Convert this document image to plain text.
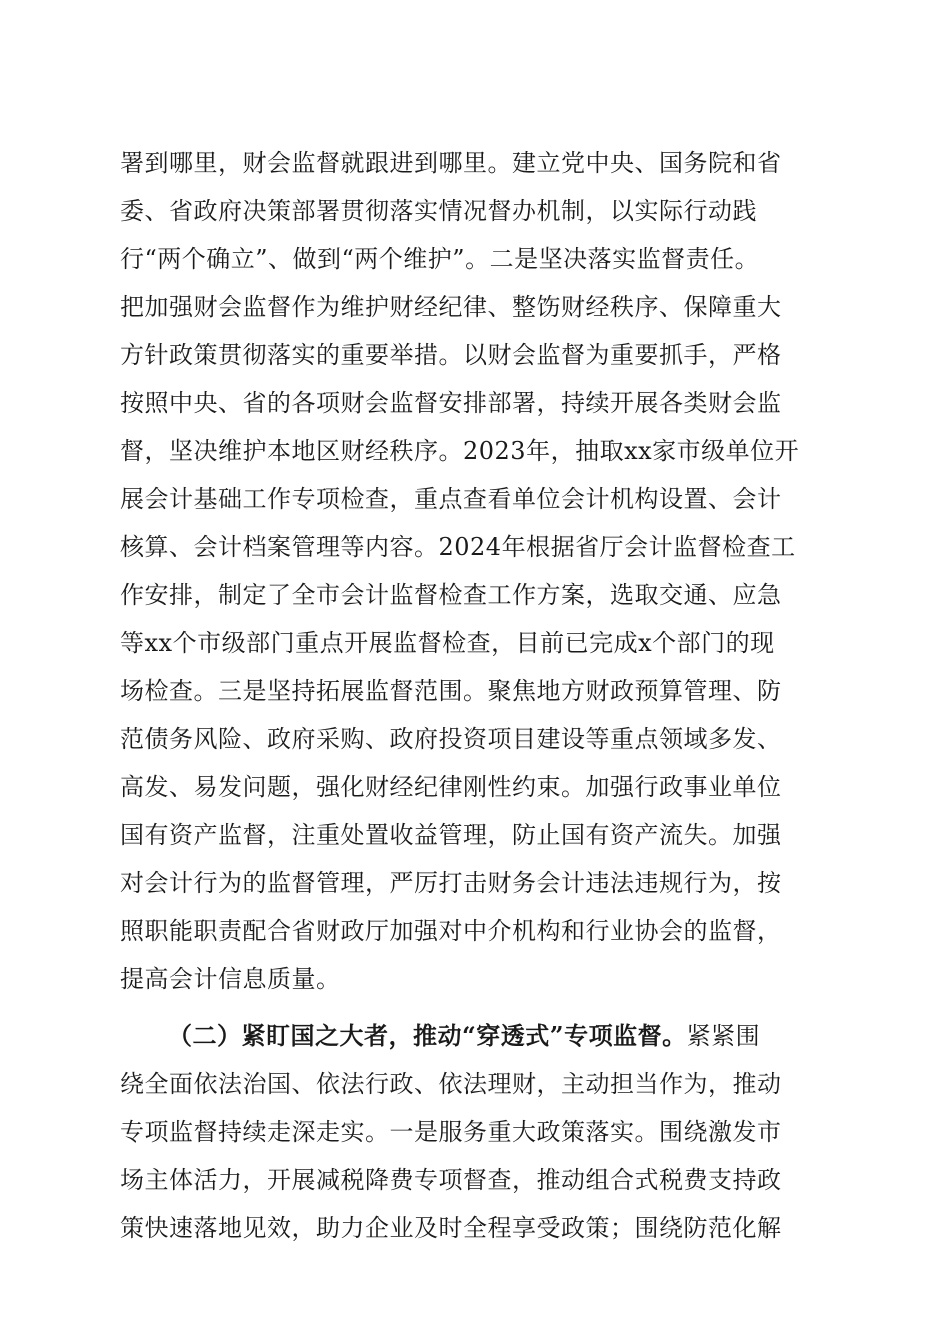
署到哪里，财会监督就跟进到哪里。建立党中央、国务院和省
委、省政府决策部署贯彻落实情况督办机制，以实际行动践
行“两个确立”、做到“两个维护”。二是坚决落实监督责任。
把加强财会监督作为维护财经纪律、整饬财经秩序、保障重大
方针政策贯彻落实的重要举措。以财会监督为重要抓手，严格
按照中央、省的各项财会监督安排部署，持续开展各类财会监
督，坚决维护本地区财经秩序。2023年，抽取xx家市级单位开
展会计基础工作专项检查，重点查看单位会计机构设置、会计
核算、会计档案管理等内容。2024年根据省厅会计监督检查工
作安排，制定了全市会计监督检查工作方案，选取交通、应急
等xx个市级部门重点开展监督检查，目前已完成x个部门的现
场检查。三是坚持拓展监督范围。聚焦地方财政预算管理、防
范债务风险、政府采购、政府投资项目建设等重点领域多发、
高发、易发问题，强化财经纪律刚性约束。加强行政事业单位
国有资产监督，注重处置收益管理，防止国有资产流失。加强
对会计行为的监督管理，严厉打击财务会计违法违规行为，按
照职能职责配合省财政厅加强对中介机构和行业协会的监督，
提高会计信息质量。
（二）紧盯国之大者，推动“穿透式”专项监督。紧紧围
绕全面依法治国、依法行政、依法理财，主动担当作为，推动
专项监督持续走深走实。一是服务重大政策落实。围绕激发市
场主体活力，开展减税降费专项督查，推动组合式税费支持政
策快速落地见效，助力企业及时全程享受政策；围绕防范化解
